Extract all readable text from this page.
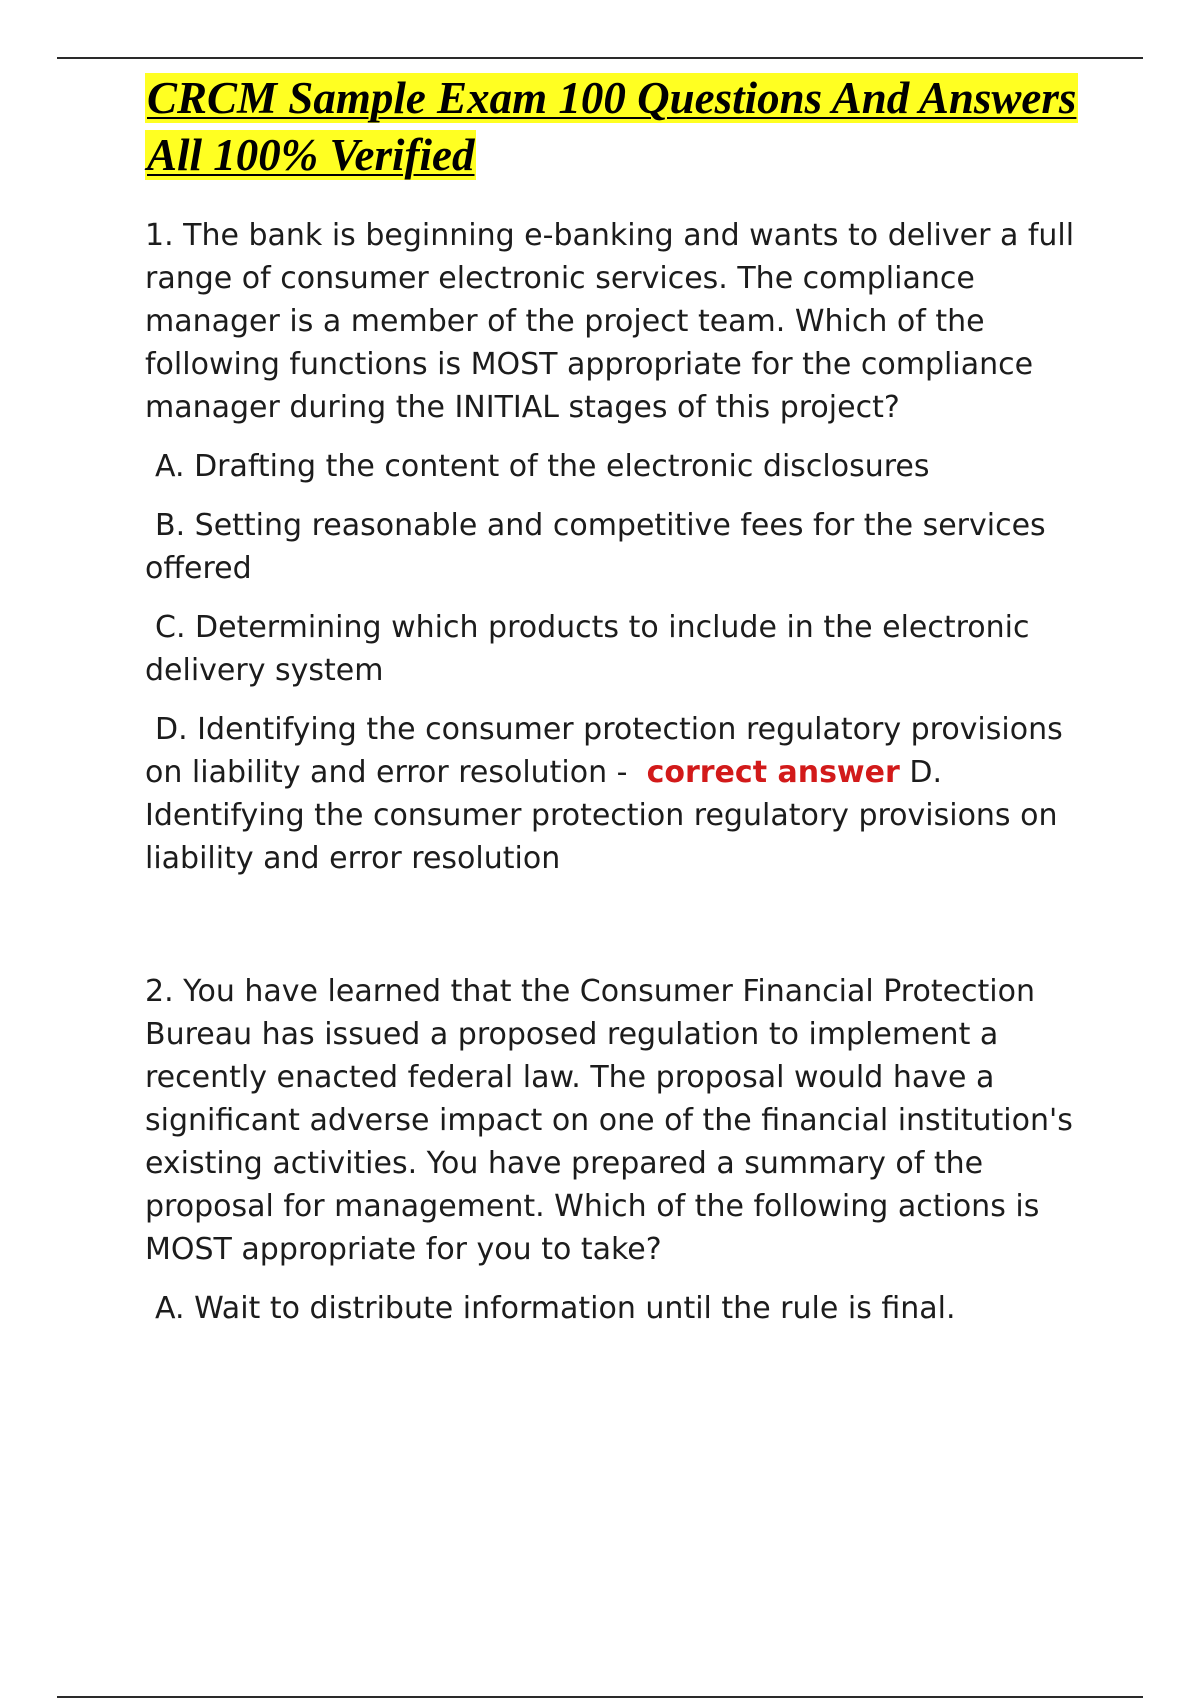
CRCM Sample Exam 100 Questions And Answers All 100% Verified

1. The bank is beginning e-banking and wants to deliver a full range of consumer electronic services. The compliance manager is a member of the project team. Which of the following functions is MOST appropriate for the compliance manager during the INITIAL stages of this project?

A. Drafting the content of the electronic disclosures

B. Setting reasonable and competitive fees for the services offered

C. Determining which products to include in the electronic delivery system

D. Identifying the consumer protection regulatory provisions on liability and error resolution - correct answer D. Identifying the consumer protection regulatory provisions on liability and error resolution

2. You have learned that the Consumer Financial Protection Bureau has issued a proposed regulation to implement a recently enacted federal law. The proposal would have a significant adverse impact on one of the financial institution's existing activities. You have prepared a summary of the proposal for management. Which of the following actions is MOST appropriate for you to take?

A. Wait to distribute information until the rule is final.
